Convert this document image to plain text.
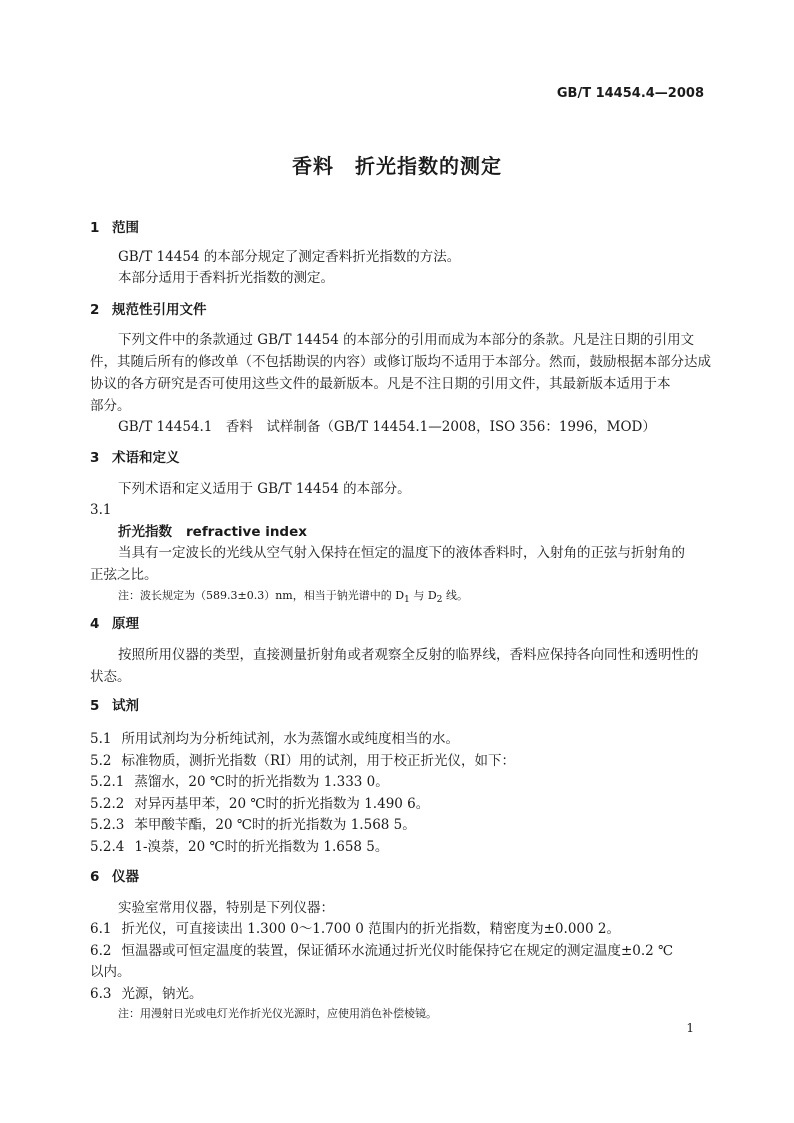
GB/T 14454.4—2008
香料　折光指数的测定
1 范围
GB/T 14454 的本部分规定了测定香料折光指数的方法。
本部分适用于香料折光指数的测定。
2 规范性引用文件
下列文件中的条款通过 GB/T 14454 的本部分的引用而成为本部分的条款。凡是注日期的引用文
件，其随后所有的修改单（不包括勘误的内容）或修订版均不适用于本部分。然而，鼓励根据本部分达成
协议的各方研究是否可使用这些文件的最新版本。凡是不注日期的引用文件，其最新版本适用于本
部分。
GB/T 14454.1　香料　试样制备（GB/T 14454.1—2008，ISO 356：1996，MOD）
3 术语和定义
下列术语和定义适用于 GB/T 14454 的本部分。
3.1
折光指数 refractive index
当具有一定波长的光线从空气射入保持在恒定的温度下的液体香料时，入射角的正弦与折射角的
正弦之比。
注：波长规定为（589.3±0.3）nm，相当于钠光谱中的 $D_1$ 与 $D_2$ 线。
4 原理
按照所用仪器的类型，直接测量折射角或者观察全反射的临界线，香料应保持各向同性和透明性的
状态。
5 试剂
5.1 所用试剂均为分析纯试剂，水为蒸馏水或纯度相当的水。
5.2 标准物质，测折光指数（RI）用的试剂，用于校正折光仪，如下：
5.2.1 蒸馏水，20 ℃时的折光指数为 1.333 0。
5.2.2 对异丙基甲苯，20 ℃时的折光指数为 1.490 6。
5.2.3 苯甲酸苄酯，20 ℃时的折光指数为 1.568 5。
5.2.4 1-溴萘，20 ℃时的折光指数为 1.658 5。
6 仪器
实验室常用仪器，特别是下列仪器：
6.1 折光仪，可直接读出 1.300 0～1.700 0 范围内的折光指数，精密度为±0.000 2。
6.2 恒温器或可恒定温度的装置，保证循环水流通过折光仪时能保持它在规定的测定温度±0.2 ℃
以内。
6.3 光源，钠光。
注：用漫射日光或电灯光作折光仪光源时，应使用消色补偿棱镜。
1
